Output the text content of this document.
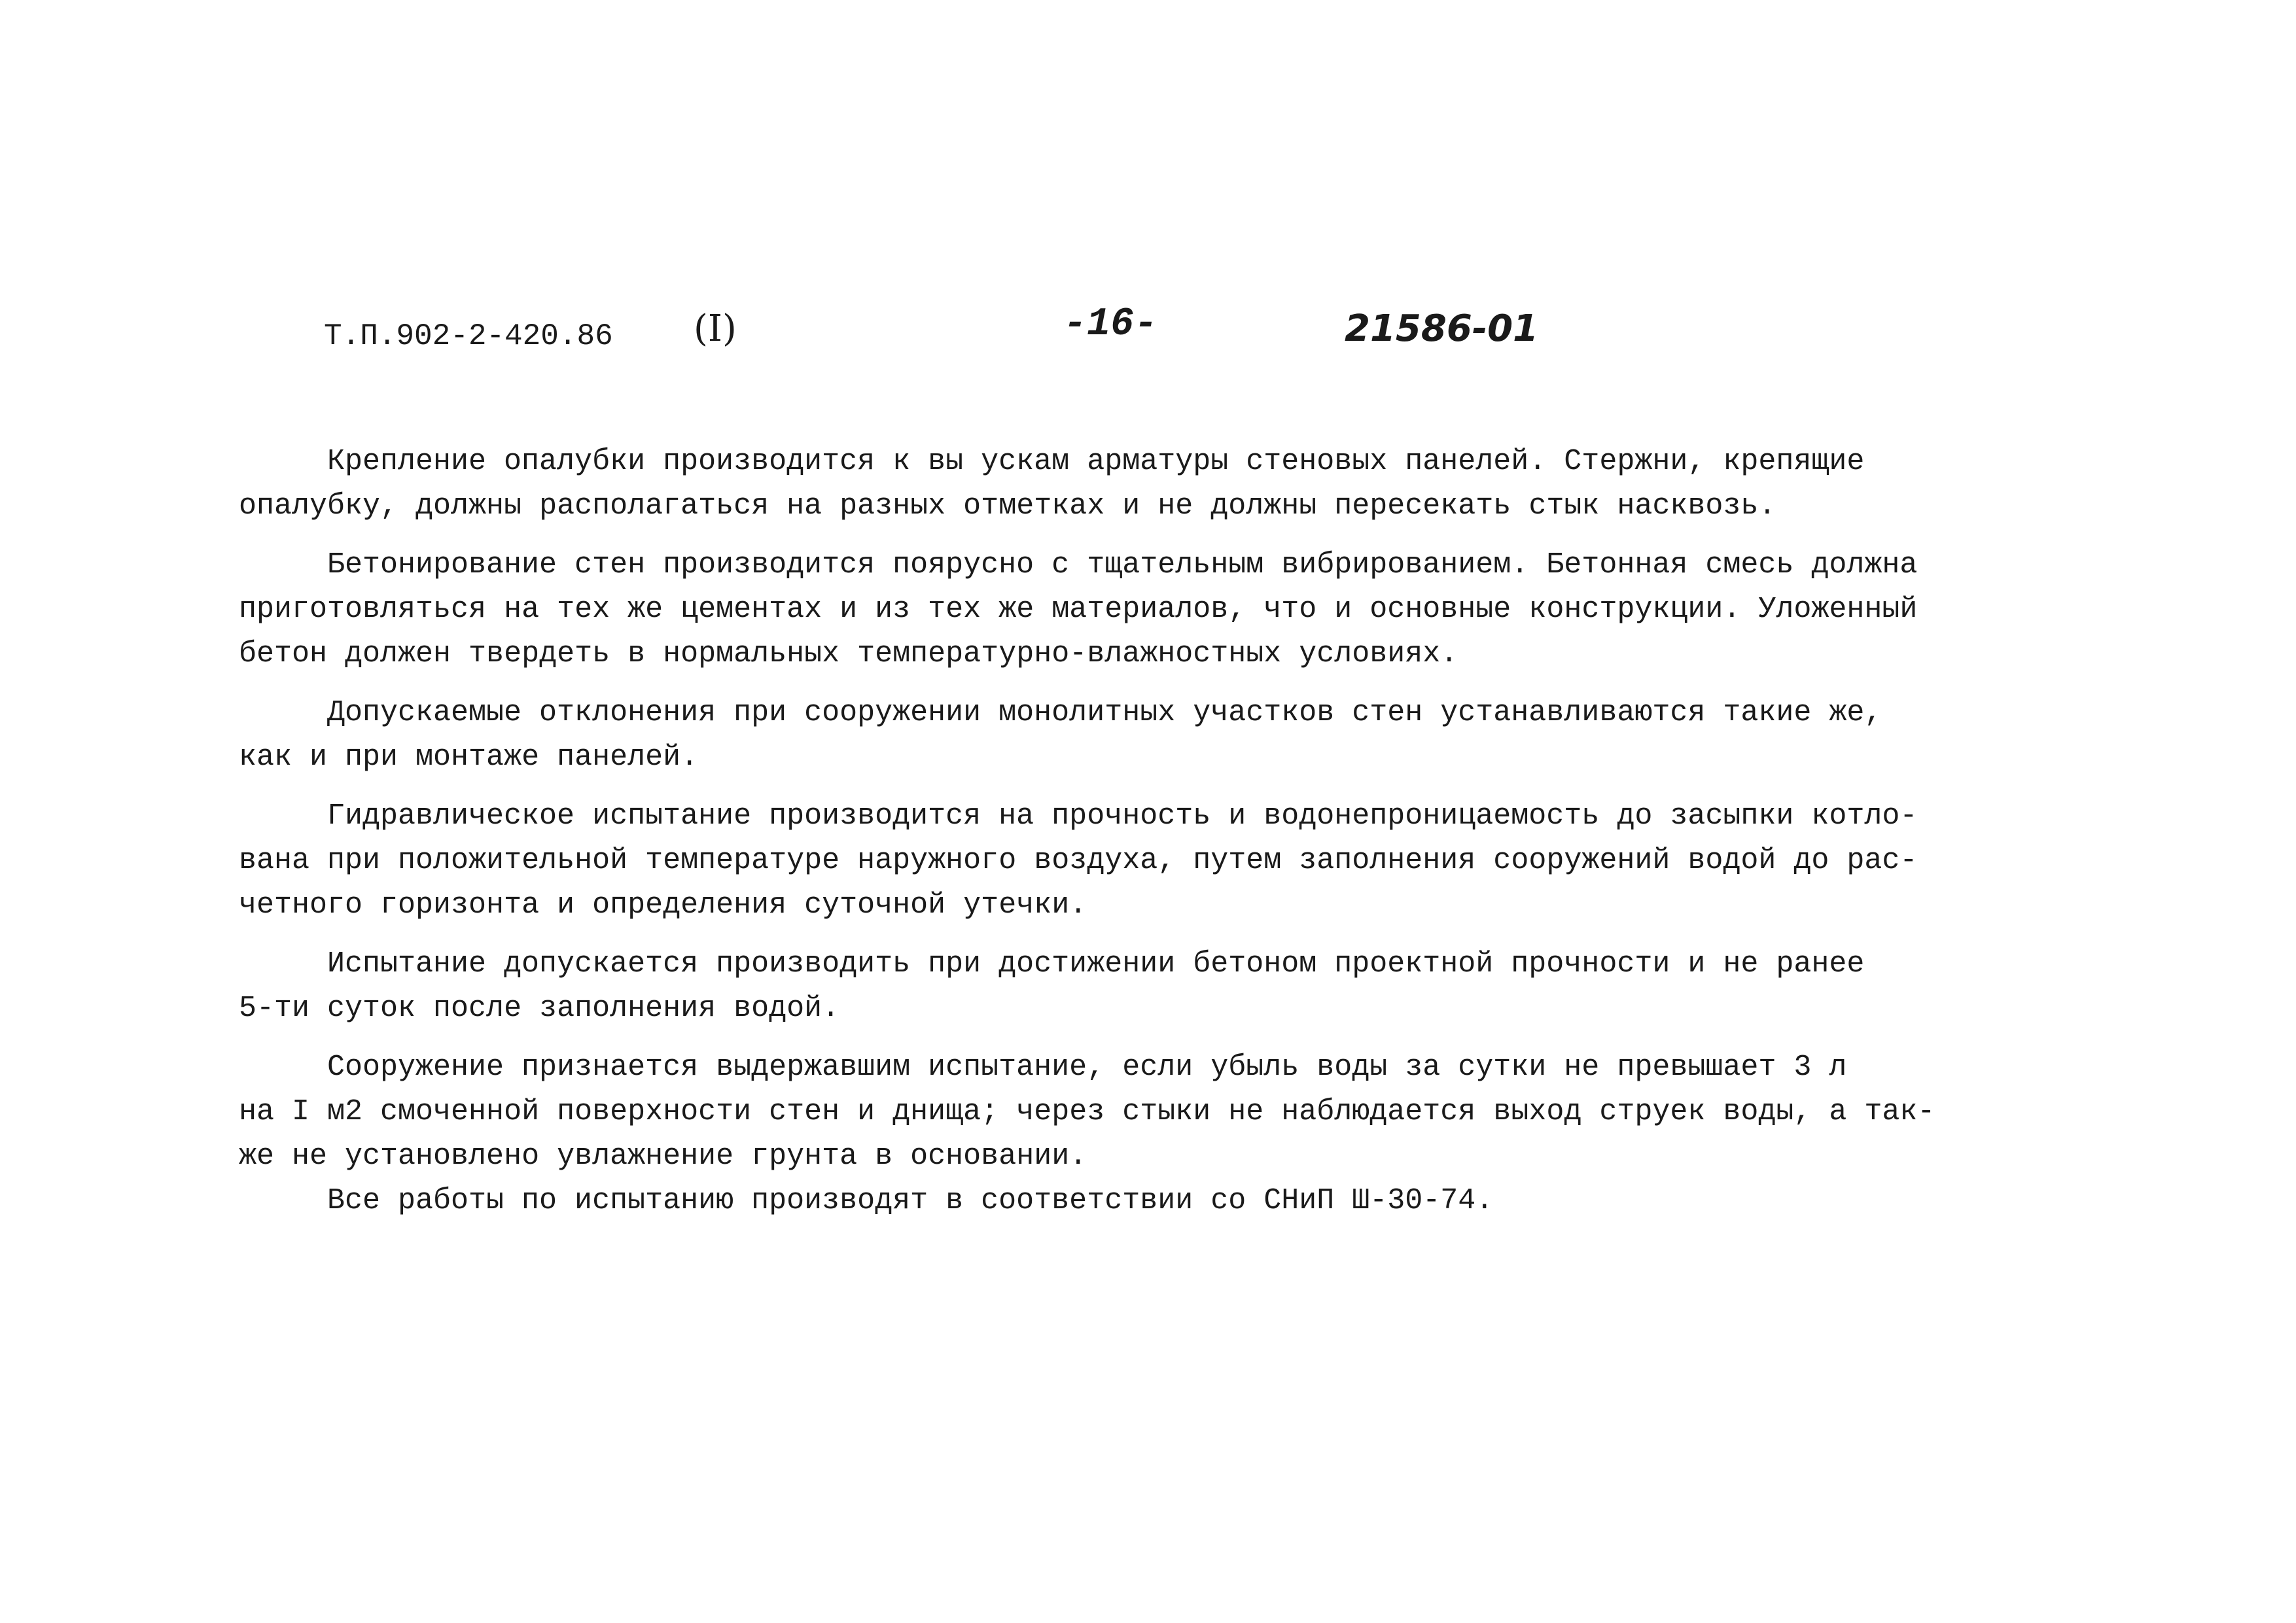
Т.П.902-2-420.86 (I)	-16-	21586-01
Крепление опалубки производится к вы ускам арматуры стеновых панелей. Стержни, крепящие
опалубку, должны располагаться на разных отметках и не должны пересекать стык насквозь.
Бетонирование стен производится поярусно с тщательным вибрированием. Бетонная смесь должна
приготовляться на тех же цементах и из тех же материалов, что и основные конструкции. Уложенный
бетон должен твердеть в нормальных температурно-влажностных условиях.
Допускаемые отклонения при сооружении монолитных участков стен устанавливаются такие же,
как и при монтаже панелей.
Гидравлическое испытание производится на прочность и водонепроницаемость до засыпки котло-
вана при положительной температуре наружного воздуха, путем заполнения сооружений водой до рас-
четного горизонта и определения суточной утечки.
Испытание допускается производить при достижении бетоном проектной прочности и не ранее
5-ти суток после заполнения водой.
Сооружение признается выдержавшим испытание, если убыль воды за сутки не превышает 3 л
на I м2 смоченной поверхности стен и днища; через стыки не наблюдается выход струек воды, а так-
же не установлено увлажнение грунта в основании.
Все работы по испытанию производят в соответствии со СНиП Ш-30-74.
